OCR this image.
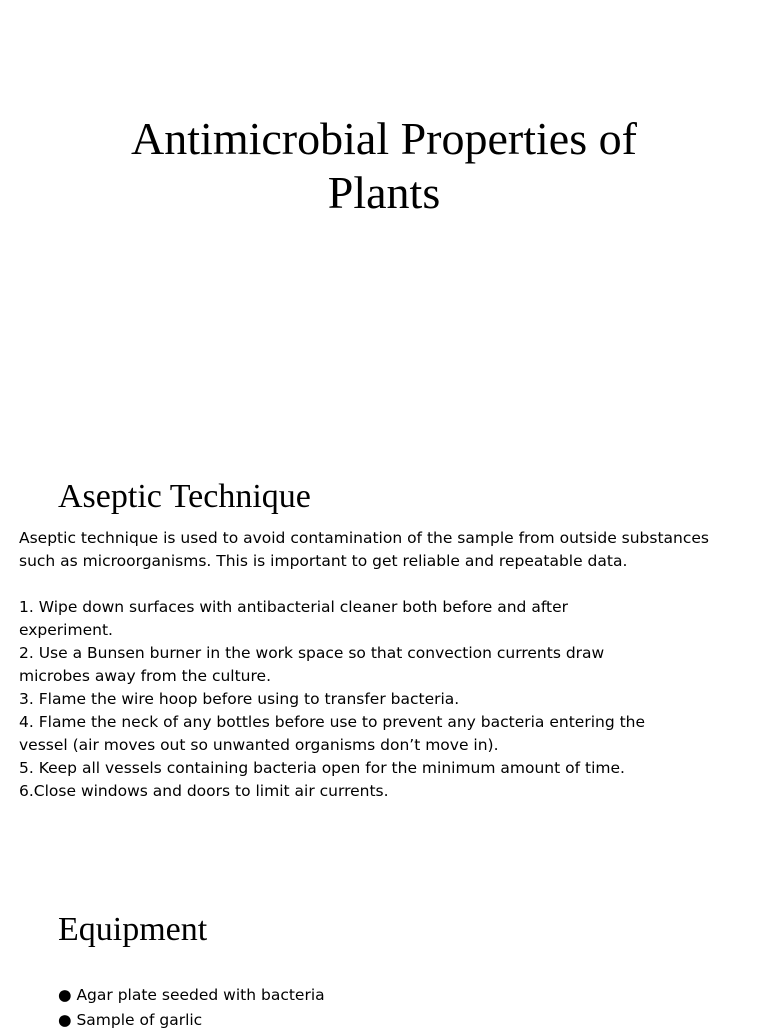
Antimicrobial Properties of
Plants
Aseptic Technique
Aseptic technique is used to avoid contamination of the sample from outside substances
such as microorganisms. This is important to get reliable and repeatable data.
1. Wipe down surfaces with antibacterial cleaner both before and after
experiment.
2. Use a Bunsen burner in the work space so that convection currents draw
microbes away from the culture.
3. Flame the wire hoop before using to transfer bacteria.
4. Flame the neck of any bottles before use to prevent any bacteria entering the
vessel (air moves out so unwanted organisms don’t move in).
5. Keep all vessels containing bacteria open for the minimum amount of time.
6.Close windows and doors to limit air currents.
Equipment
● Agar plate seeded with bacteria
● Sample of garlic
